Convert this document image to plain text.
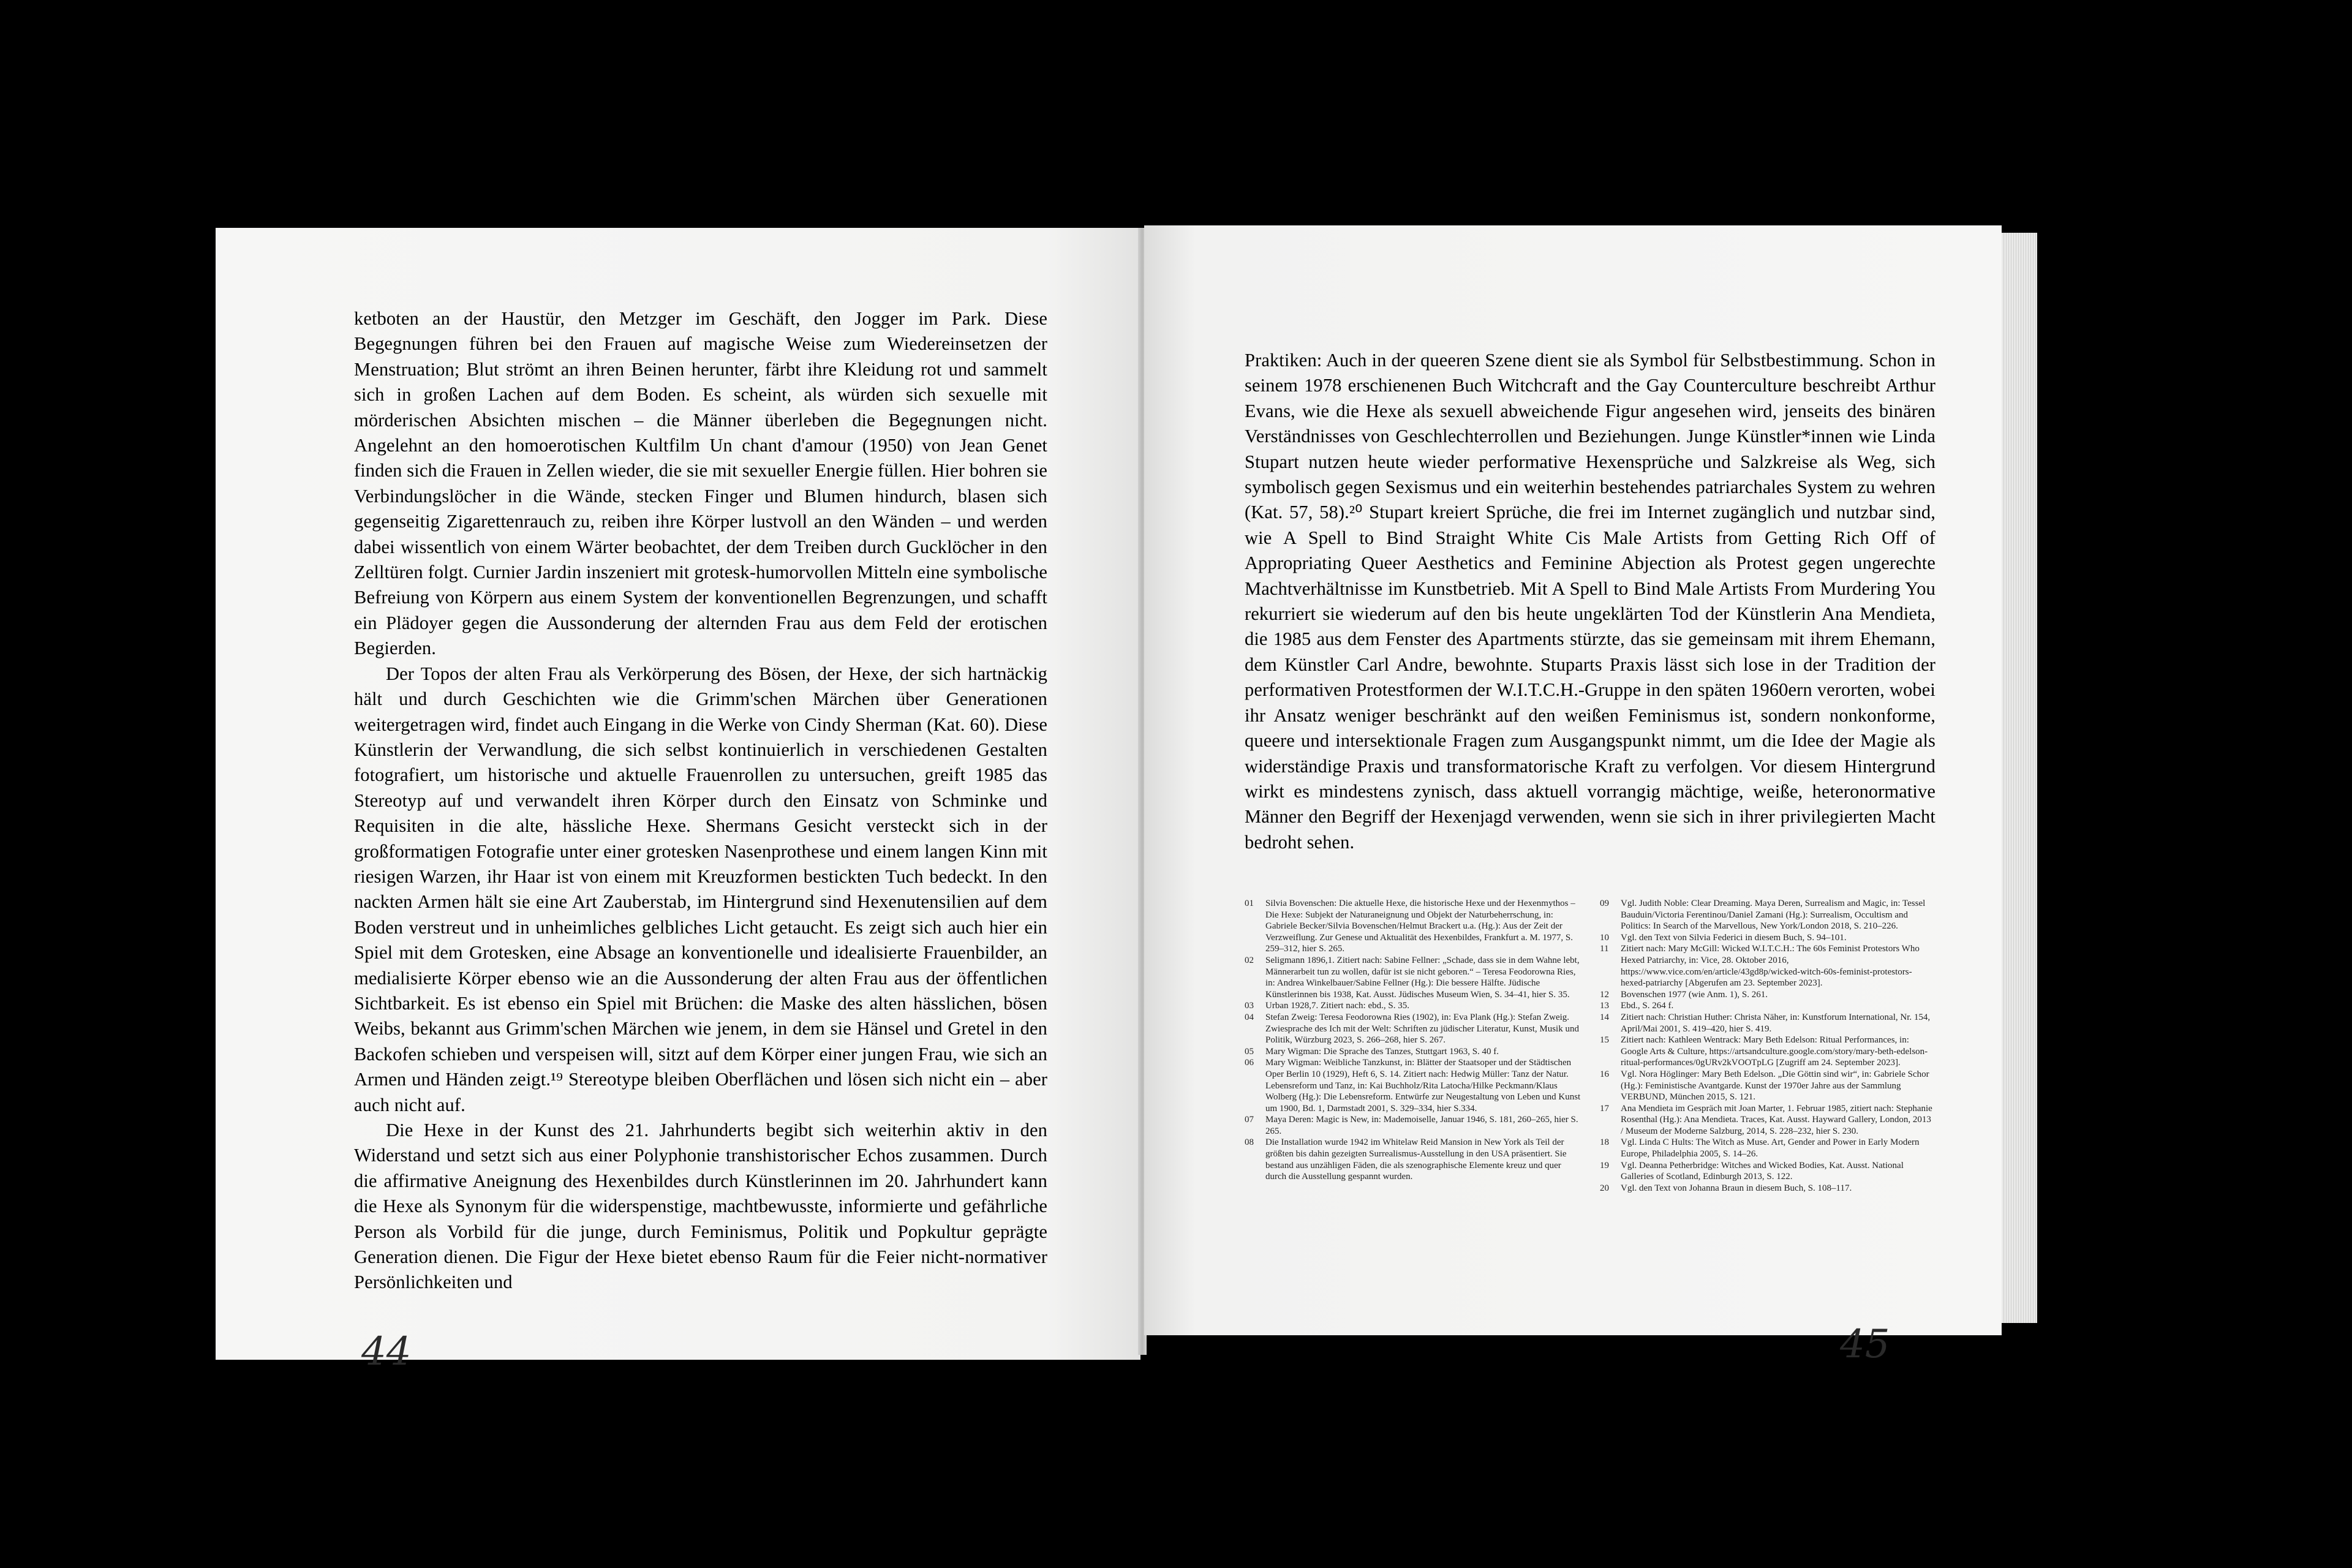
ketboten an der Haustür, den Metzger im Geschäft, den Jogger im Park. Diese Begegnungen führen bei den Frauen auf magische Weise zum Wiedereinsetzen der Menstruation; Blut strömt an ihren Beinen herunter, färbt ihre Kleidung rot und sammelt sich in großen Lachen auf dem Boden. Es scheint, als würden sich sexuelle mit mörderischen Absichten mischen – die Männer überleben die Begegnungen nicht. Angelehnt an den homoerotischen Kultfilm Un chant d'amour (1950) von Jean Genet finden sich die Frauen in Zellen wieder, die sie mit sexueller Energie füllen. Hier bohren sie Verbindungslöcher in die Wände, stecken Finger und Blumen hindurch, blasen sich gegenseitig Zigarettenrauch zu, reiben ihre Körper lustvoll an den Wänden – und werden dabei wissentlich von einem Wärter beobachtet, der dem Treiben durch Gucklöcher in den Zelltüren folgt. Curnier Jardin inszeniert mit grotesk-humorvollen Mitteln eine symbolische Befreiung von Körpern aus einem System der konventionellen Begrenzungen, und schafft ein Plädoyer gegen die Aussonderung der alternden Frau aus dem Feld der erotischen Begierden.

Der Topos der alten Frau als Verkörperung des Bösen, der Hexe, der sich hartnäckig hält und durch Geschichten wie die Grimm'schen Märchen über Generationen weitergetragen wird, findet auch Eingang in die Werke von Cindy Sherman (Kat. 60). Diese Künstlerin der Verwandlung, die sich selbst kontinuierlich in verschiedenen Gestalten fotografiert, um historische und aktuelle Frauenrollen zu untersuchen, greift 1985 das Stereotyp auf und verwandelt ihren Körper durch den Einsatz von Schminke und Requisiten in die alte, hässliche Hexe. Shermans Gesicht versteckt sich in der großformatigen Fotografie unter einer grotesken Nasenprothese und einem langen Kinn mit riesigen Warzen, ihr Haar ist von einem mit Kreuzformen bestickten Tuch bedeckt. In den nackten Armen hält sie eine Art Zauberstab, im Hintergrund sind Hexenutensilien auf dem Boden verstreut und in unheimliches gelbliches Licht getaucht. Es zeigt sich auch hier ein Spiel mit dem Grotesken, eine Absage an konventionelle und idealisierte Frauenbilder, an medialisierte Körper ebenso wie an die Aussonderung der alten Frau aus der öffentlichen Sichtbarkeit. Es ist ebenso ein Spiel mit Brüchen: die Maske des alten hässlichen, bösen Weibs, bekannt aus Grimm'schen Märchen wie jenem, in dem sie Hänsel und Gretel in den Backofen schieben und verspeisen will, sitzt auf dem Körper einer jungen Frau, wie sich an Armen und Händen zeigt.¹⁹ Stereotype bleiben Oberflächen und lösen sich nicht ein – aber auch nicht auf.

Die Hexe in der Kunst des 21. Jahrhunderts begibt sich weiterhin aktiv in den Widerstand und setzt sich aus einer Polyphonie transhistorischer Echos zusammen. Durch die affirmative Aneignung des Hexenbildes durch Künstlerinnen im 20. Jahrhundert kann die Hexe als Synonym für die widerspenstige, machtbewusste, informierte und gefährliche Person als Vorbild für die junge, durch Feminismus, Politik und Popkultur geprägte Generation dienen. Die Figur der Hexe bietet ebenso Raum für die Feier nicht-normativer Persönlichkeiten und

44

Praktiken: Auch in der queeren Szene dient sie als Symbol für Selbstbestimmung. Schon in seinem 1978 erschienenen Buch Witchcraft and the Gay Counterculture beschreibt Arthur Evans, wie die Hexe als sexuell abweichende Figur angesehen wird, jenseits des binären Verständnisses von Geschlechterrollen und Beziehungen. Junge Künstler*innen wie Linda Stupart nutzen heute wieder performative Hexensprüche und Salzkreise als Weg, sich symbolisch gegen Sexismus und ein weiterhin bestehendes patriarchales System zu wehren (Kat. 57, 58).²⁰ Stupart kreiert Sprüche, die frei im Internet zugänglich und nutzbar sind, wie A Spell to Bind Straight White Cis Male Artists from Getting Rich Off of Appropriating Queer Aesthetics and Feminine Abjection als Protest gegen ungerechte Machtverhältnisse im Kunstbetrieb. Mit A Spell to Bind Male Artists From Murdering You rekurriert sie wiederum auf den bis heute ungeklärten Tod der Künstlerin Ana Mendieta, die 1985 aus dem Fenster des Apartments stürzte, das sie gemeinsam mit ihrem Ehemann, dem Künstler Carl Andre, bewohnte. Stuparts Praxis lässt sich lose in der Tradition der performativen Protestformen der W.I.T.C.H.-Gruppe in den späten 1960ern verorten, wobei ihr Ansatz weniger beschränkt auf den weißen Feminismus ist, sondern nonkonforme, queere und intersektionale Fragen zum Ausgangspunkt nimmt, um die Idee der Magie als widerständige Praxis und transformatorische Kraft zu verfolgen. Vor diesem Hintergrund wirkt es mindestens zynisch, dass aktuell vorrangig mächtige, weiße, heteronormative Männer den Begriff der Hexenjagd verwenden, wenn sie sich in ihrer privilegierten Macht bedroht sehen.

01	Silvia Bovenschen: Die aktuelle Hexe, die historische Hexe und der Hexenmythos – Die Hexe: Subjekt der Naturaneignung und Objekt der Naturbeherrschung, in: Gabriele Becker/Silvia Bovenschen/Helmut Brackert u.a. (Hg.): Aus der Zeit der Verzweiflung. Zur Genese und Aktualität des Hexenbildes, Frankfurt a. M. 1977, S. 259–312, hier S. 265.
02	Seligmann 1896,1. Zitiert nach: Sabine Fellner: „Schade, dass sie in dem Wahne lebt, Männerarbeit tun zu wollen, dafür ist sie nicht geboren.“ – Teresa Feodorowna Ries, in: Andrea Winkelbauer/Sabine Fellner (Hg.): Die bessere Hälfte. Jüdische Künstlerinnen bis 1938, Kat. Ausst. Jüdisches Museum Wien, S. 34–41, hier S. 35.
03	Urban 1928,7. Zitiert nach: ebd., S. 35.
04	Stefan Zweig: Teresa Feodorowna Ries (1902), in: Eva Plank (Hg.): Stefan Zweig. Zwiesprache des Ich mit der Welt: Schriften zu jüdischer Literatur, Kunst, Musik und Politik, Würzburg 2023, S. 266–268, hier S. 267.
05	Mary Wigman: Die Sprache des Tanzes, Stuttgart 1963, S. 40 f.
06	Mary Wigman: Weibliche Tanzkunst, in: Blätter der Staatsoper und der Städtischen Oper Berlin 10 (1929), Heft 6, S. 14. Zitiert nach: Hedwig Müller: Tanz der Natur. Lebensreform und Tanz, in: Kai Buchholz/Rita Latocha/Hilke Peckmann/Klaus Wolberg (Hg.): Die Lebensreform. Entwürfe zur Neugestaltung von Leben und Kunst um 1900, Bd. 1, Darmstadt 2001, S. 329–334, hier S.334.
07	Maya Deren: Magic is New, in: Mademoiselle, Januar 1946, S. 181, 260–265, hier S. 265.
08	Die Installation wurde 1942 im Whitelaw Reid Mansion in New York als Teil der größten bis dahin gezeigten Surrealismus-Ausstellung in den USA präsentiert. Sie bestand aus unzähligen Fäden, die als szenographische Elemente kreuz und quer durch die Ausstellung gespannt wurden.
09	Vgl. Judith Noble: Clear Dreaming. Maya Deren, Surrealism and Magic, in: Tessel Bauduin/Victoria Ferentinou/Daniel Zamani (Hg.): Surrealism, Occultism and Politics: In Search of the Marvellous, New York/London 2018, S. 210–226.
10	Vgl. den Text von Silvia Federici in diesem Buch, S. 94–101.
11	Zitiert nach: Mary McGill: Wicked W.I.T.C.H.: The 60s Feminist Protestors Who Hexed Patriarchy, in: Vice, 28. Oktober 2016, https://www.vice.com/en/article/43gd8p/wicked-witch-60s-feminist-protestors-hexed-patriarchy [Abgerufen am 23. September 2023].
12	Bovenschen 1977 (wie Anm. 1), S. 261.
13	Ebd., S. 264 f.
14	Zitiert nach: Christian Huther: Christa Näher, in: Kunstforum International, Nr. 154, April/Mai 2001, S. 419–420, hier S. 419.
15	Zitiert nach: Kathleen Wentrack: Mary Beth Edelson: Ritual Performances, in: Google Arts & Culture, https://artsandculture.google.com/story/mary-beth-edelson-ritual-performances/0gURv2kVOOTpLG [Zugriff am 24. September 2023].
16	Vgl. Nora Höglinger: Mary Beth Edelson. „Die Göttin sind wir“, in: Gabriele Schor (Hg.): Feministische Avantgarde. Kunst der 1970er Jahre aus der Sammlung VERBUND, München 2015, S. 121.
17	Ana Mendieta im Gespräch mit Joan Marter, 1. Februar 1985, zitiert nach: Stephanie Rosenthal (Hg.): Ana Mendieta. Traces, Kat. Ausst. Hayward Gallery, London, 2013 / Museum der Moderne Salzburg, 2014, S. 228–232, hier S. 230.
18	Vgl. Linda C Hults: The Witch as Muse. Art, Gender and Power in Early Modern Europe, Philadelphia 2005, S. 14–26.
19	Vgl. Deanna Petherbridge: Witches and Wicked Bodies, Kat. Ausst. National Galleries of Scotland, Edinburgh 2013, S. 122.
20	Vgl. den Text von Johanna Braun in diesem Buch, S. 108–117.
45
